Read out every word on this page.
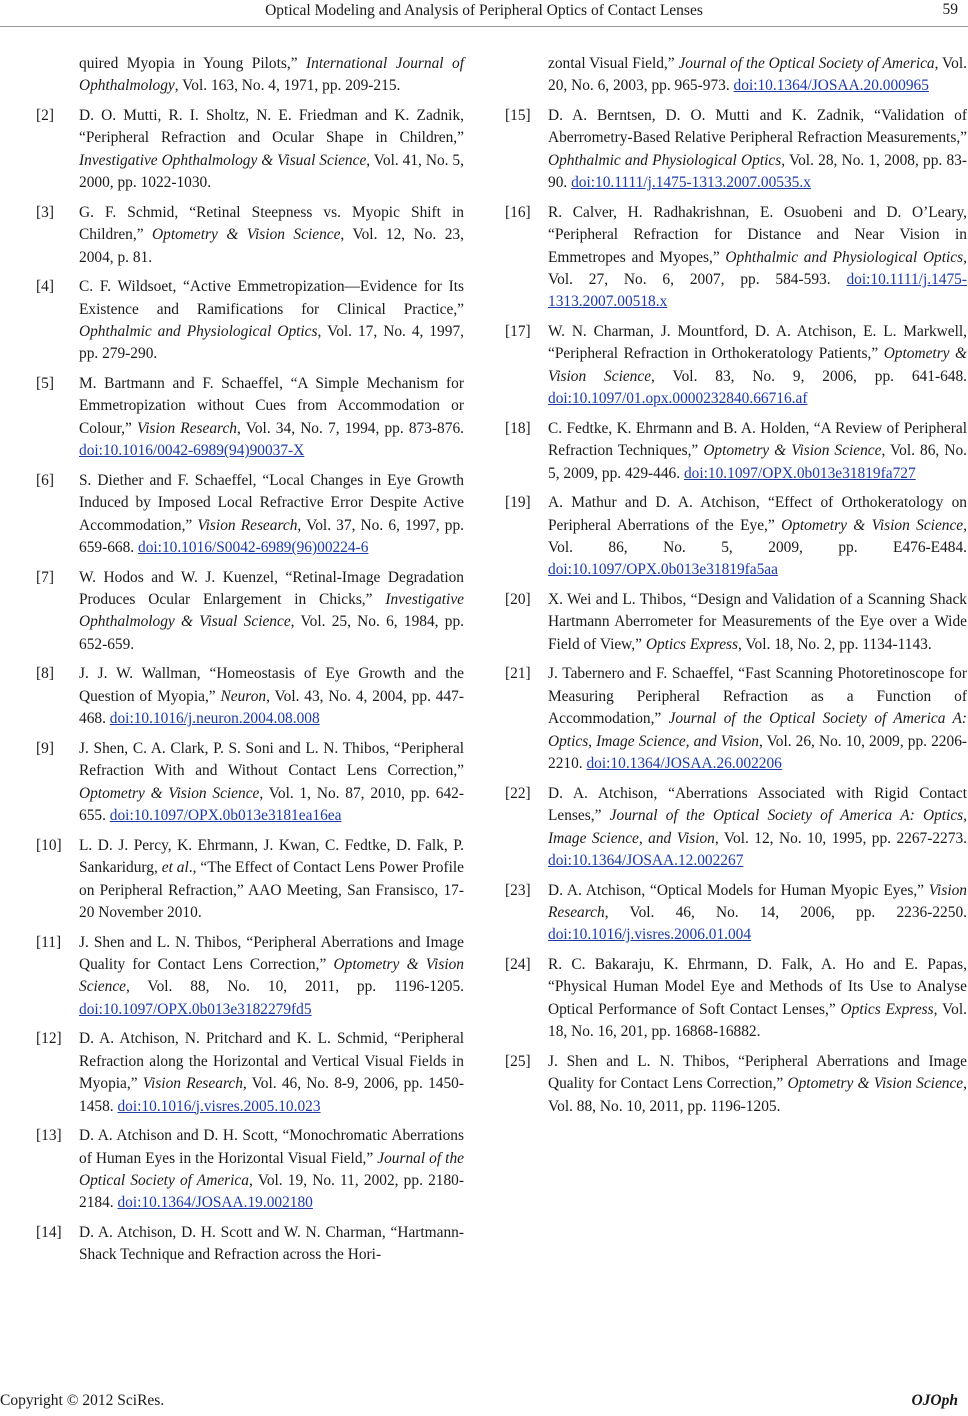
Optical Modeling and Analysis of Peripheral Optics of Contact Lenses	59
quired Myopia in Young Pilots,” International Journal of Ophthalmology, Vol. 163, No. 4, 1971, pp. 209-215.
[2] D. O. Mutti, R. I. Sholtz, N. E. Friedman and K. Zadnik, “Peripheral Refraction and Ocular Shape in Children,” Investigative Ophthalmology & Visual Science, Vol. 41, No. 5, 2000, pp. 1022-1030.
[3] G. F. Schmid, “Retinal Steepness vs. Myopic Shift in Children,” Optometry & Vision Science, Vol. 12, No. 23, 2004, p. 81.
[4] C. F. Wildsoet, “Active Emmetropization—Evidence for Its Existence and Ramifications for Clinical Practice,” Ophthalmic and Physiological Optics, Vol. 17, No. 4, 1997, pp. 279-290.
[5] M. Bartmann and F. Schaeffel, “A Simple Mechanism for Emmetropization without Cues from Accommodation or Colour,” Vision Research, Vol. 34, No. 7, 1994, pp. 873-876. doi:10.1016/0042-6989(94)90037-X
[6] S. Diether and F. Schaeffel, “Local Changes in Eye Growth Induced by Imposed Local Refractive Error Despite Active Accommodation,” Vision Research, Vol. 37, No. 6, 1997, pp. 659-668. doi:10.1016/S0042-6989(96)00224-6
[7] W. Hodos and W. J. Kuenzel, “Retinal-Image Degradation Produces Ocular Enlargement in Chicks,” Investigative Ophthalmology & Visual Science, Vol. 25, No. 6, 1984, pp. 652-659.
[8] J. J. W. Wallman, “Homeostasis of Eye Growth and the Question of Myopia,” Neuron, Vol. 43, No. 4, 2004, pp. 447-468. doi:10.1016/j.neuron.2004.08.008
[9] J. Shen, C. A. Clark, P. S. Soni and L. N. Thibos, “Peripheral Refraction With and Without Contact Lens Correction,” Optometry & Vision Science, Vol. 1, No. 87, 2010, pp. 642-655. doi:10.1097/OPX.0b013e3181ea16ea
[10] L. D. J. Percy, K. Ehrmann, J. Kwan, C. Fedtke, D. Falk, P. Sankaridurg, et al., “The Effect of Contact Lens Power Profile on Peripheral Refraction,” AAO Meeting, San Fransisco, 17-20 November 2010.
[11] J. Shen and L. N. Thibos, “Peripheral Aberrations and Image Quality for Contact Lens Correction,” Optometry & Vision Science, Vol. 88, No. 10, 2011, pp. 1196-1205. doi:10.1097/OPX.0b013e3182279fd5
[12] D. A. Atchison, N. Pritchard and K. L. Schmid, “Peripheral Refraction along the Horizontal and Vertical Visual Fields in Myopia,” Vision Research, Vol. 46, No. 8-9, 2006, pp. 1450-1458. doi:10.1016/j.visres.2005.10.023
[13] D. A. Atchison and D. H. Scott, “Monochromatic Aberrations of Human Eyes in the Horizontal Visual Field,” Journal of the Optical Society of America, Vol. 19, No. 11, 2002, pp. 2180-2184. doi:10.1364/JOSAA.19.002180
[14] D. A. Atchison, D. H. Scott and W. N. Charman, “Hartmann-Shack Technique and Refraction across the Hori-
zontal Visual Field,” Journal of the Optical Society of America, Vol. 20, No. 6, 2003, pp. 965-973. doi:10.1364/JOSAA.20.000965
[15] D. A. Berntsen, D. O. Mutti and K. Zadnik, “Validation of Aberrometry-Based Relative Peripheral Refraction Measurements,” Ophthalmic and Physiological Optics, Vol. 28, No. 1, 2008, pp. 83-90. doi:10.1111/j.1475-1313.2007.00535.x
[16] R. Calver, H. Radhakrishnan, E. Osuobeni and D. O’Leary, “Peripheral Refraction for Distance and Near Vision in Emmetropes and Myopes,” Ophthalmic and Physiological Optics, Vol. 27, No. 6, 2007, pp. 584-593. doi:10.1111/j.1475-1313.2007.00518.x
[17] W. N. Charman, J. Mountford, D. A. Atchison, E. L. Markwell, “Peripheral Refraction in Orthokeratology Patients,” Optometry & Vision Science, Vol. 83, No. 9, 2006, pp. 641-648. doi:10.1097/01.opx.0000232840.66716.af
[18] C. Fedtke, K. Ehrmann and B. A. Holden, “A Review of Peripheral Refraction Techniques,” Optometry & Vision Science, Vol. 86, No. 5, 2009, pp. 429-446. doi:10.1097/OPX.0b013e31819fa727
[19] A. Mathur and D. A. Atchison, “Effect of Orthokeratology on Peripheral Aberrations of the Eye,” Optometry & Vision Science, Vol. 86, No. 5, 2009, pp. E476-E484. doi:10.1097/OPX.0b013e31819fa5aa
[20] X. Wei and L. Thibos, “Design and Validation of a Scanning Shack Hartmann Aberrometer for Measurements of the Eye over a Wide Field of View,” Optics Express, Vol. 18, No. 2, pp. 1134-1143.
[21] J. Tabernero and F. Schaeffel, “Fast Scanning Photoretinoscope for Measuring Peripheral Refraction as a Function of Accommodation,” Journal of the Optical Society of America A: Optics, Image Science, and Vision, Vol. 26, No. 10, 2009, pp. 2206-2210. doi:10.1364/JOSAA.26.002206
[22] D. A. Atchison, “Aberrations Associated with Rigid Contact Lenses,” Journal of the Optical Society of America A: Optics, Image Science, and Vision, Vol. 12, No. 10, 1995, pp. 2267-2273. doi:10.1364/JOSAA.12.002267
[23] D. A. Atchison, “Optical Models for Human Myopic Eyes,” Vision Research, Vol. 46, No. 14, 2006, pp. 2236-2250. doi:10.1016/j.visres.2006.01.004
[24] R. C. Bakaraju, K. Ehrmann, D. Falk, A. Ho and E. Papas, “Physical Human Model Eye and Methods of Its Use to Analyse Optical Performance of Soft Contact Lenses,” Optics Express, Vol. 18, No. 16, 201, pp. 16868-16882.
[25] J. Shen and L. N. Thibos, “Peripheral Aberrations and Image Quality for Contact Lens Correction,” Optometry & Vision Science, Vol. 88, No. 10, 2011, pp. 1196-1205.
Copyright © 2012 SciRes.	OJOph
